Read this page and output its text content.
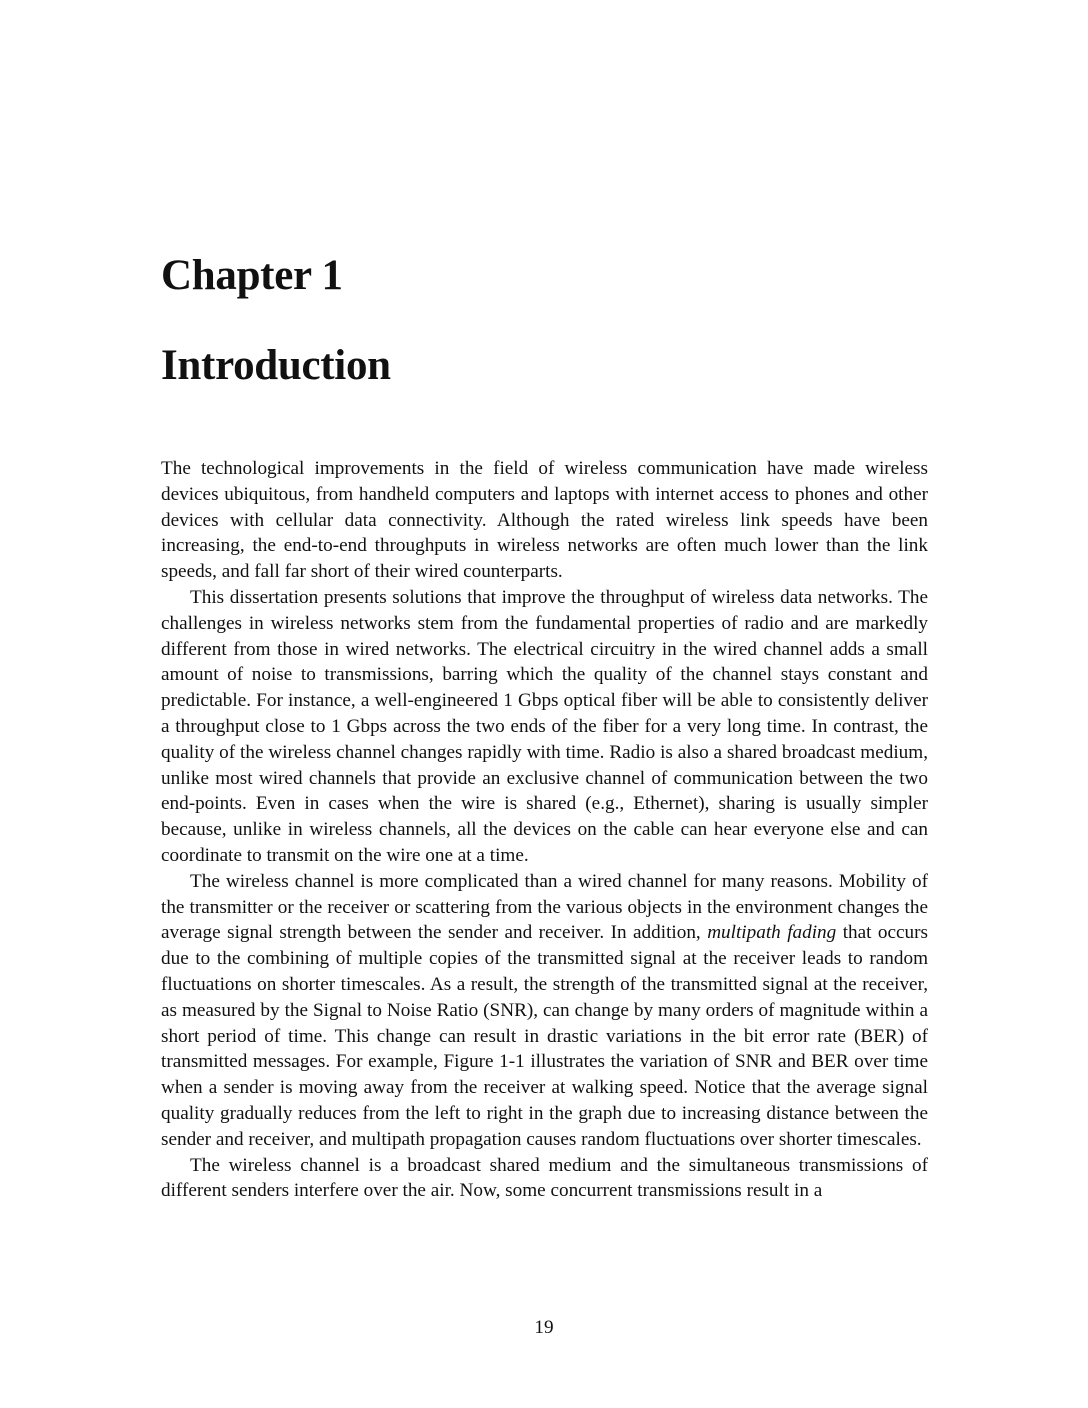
Chapter 1
Introduction

The technological improvements in the field of wireless communication have made wireless devices ubiquitous, from handheld computers and laptops with internet access to phones and other devices with cellular data connectivity. Although the rated wireless link speeds have been increasing, the end-to-end throughputs in wireless networks are often much lower than the link speeds, and fall far short of their wired counterparts.

This dissertation presents solutions that improve the throughput of wireless data networks. The challenges in wireless networks stem from the fundamental properties of radio and are markedly different from those in wired networks. The electrical circuitry in the wired channel adds a small amount of noise to transmissions, barring which the quality of the channel stays constant and predictable. For instance, a well-engineered 1 Gbps optical fiber will be able to consistently deliver a throughput close to 1 Gbps across the two ends of the fiber for a very long time. In contrast, the quality of the wireless channel changes rapidly with time. Radio is also a shared broadcast medium, unlike most wired channels that provide an exclusive channel of communication between the two end-points. Even in cases when the wire is shared (e.g., Ethernet), sharing is usually simpler because, unlike in wireless channels, all the devices on the cable can hear everyone else and can coordinate to transmit on the wire one at a time.

The wireless channel is more complicated than a wired channel for many reasons. Mobility of the transmitter or the receiver or scattering from the various objects in the environment changes the average signal strength between the sender and receiver. In addition, multipath fading that occurs due to the combining of multiple copies of the transmitted signal at the receiver leads to random fluctuations on shorter timescales. As a result, the strength of the transmitted signal at the receiver, as measured by the Signal to Noise Ratio (SNR), can change by many orders of magnitude within a short period of time. This change can result in drastic variations in the bit error rate (BER) of transmitted messages. For example, Figure 1-1 illustrates the variation of SNR and BER over time when a sender is moving away from the receiver at walking speed. Notice that the average signal quality gradually reduces from the left to right in the graph due to increasing distance between the sender and receiver, and multipath propagation causes random fluctuations over shorter timescales.

The wireless channel is a broadcast shared medium and the simultaneous transmissions of different senders interfere over the air. Now, some concurrent transmissions result in a

19
